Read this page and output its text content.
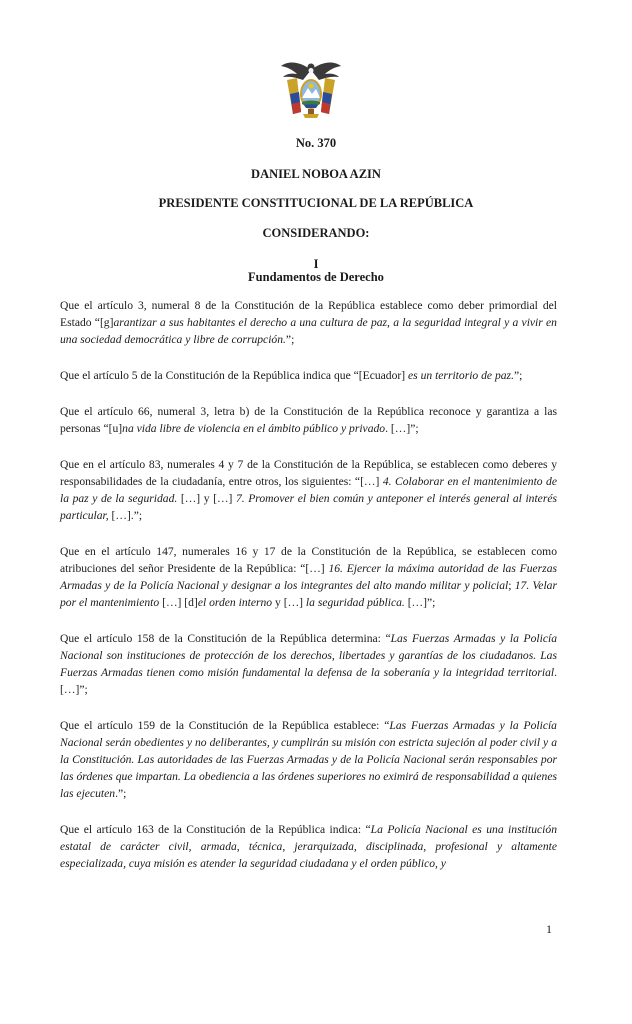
No. 370
DANIEL NOBOA AZIN
PRESIDENTE CONSTITUCIONAL DE LA REPÚBLICA
CONSIDERANDO:
I
Fundamentos de Derecho

Que el artículo 3, numeral 8 de la Constitución de la República establece como deber primordial del Estado “[g]arantizar a sus habitantes el derecho a una cultura de paz, a la seguridad integral y a vivir en una sociedad democrática y libre de corrupción.”;

Que el artículo 5 de la Constitución de la República indica que “[Ecuador] es un territorio de paz.”;

Que el artículo 66, numeral 3, letra b) de la Constitución de la República reconoce y garantiza a las personas “[u]na vida libre de violencia en el ámbito público y privado. […]”;

Que en el artículo 83, numerales 4 y 7 de la Constitución de la República, se establecen como deberes y responsabilidades de la ciudadanía, entre otros, los siguientes: “[…] 4. Colaborar en el mantenimiento de la paz y de la seguridad. […] y […] 7. Promover el bien común y anteponer el interés general al interés particular, […].”;

Que en el artículo 147, numerales 16 y 17 de la Constitución de la República, se establecen como atribuciones del señor Presidente de la República: “[…] 16. Ejercer la máxima autoridad de las Fuerzas Armadas y de la Policía Nacional y designar a los integrantes del alto mando militar y policial; 17. Velar por el mantenimiento […] [d]el orden interno y […] la seguridad pública. […]”;

Que el artículo 158 de la Constitución de la República determina: “Las Fuerzas Armadas y la Policía Nacional son instituciones de protección de los derechos, libertades y garantías de los ciudadanos. Las Fuerzas Armadas tienen como misión fundamental la defensa de la soberanía y la integridad territorial. […]”;

Que el artículo 159 de la Constitución de la República establece: “Las Fuerzas Armadas y la Policía Nacional serán obedientes y no deliberantes, y cumplirán su misión con estricta sujeción al poder civil y a la Constitución. Las autoridades de las Fuerzas Armadas y de la Policía Nacional serán responsables por las órdenes que impartan. La obediencia a las órdenes superiores no eximirá de responsabilidad a quienes las ejecuten.”;

Que el artículo 163 de la Constitución de la República indica: “La Policía Nacional es una institución estatal de carácter civil, armada, técnica, jerarquizada, disciplinada, profesional y altamente especializada, cuya misión es atender la seguridad ciudadana y el orden público, y

1
